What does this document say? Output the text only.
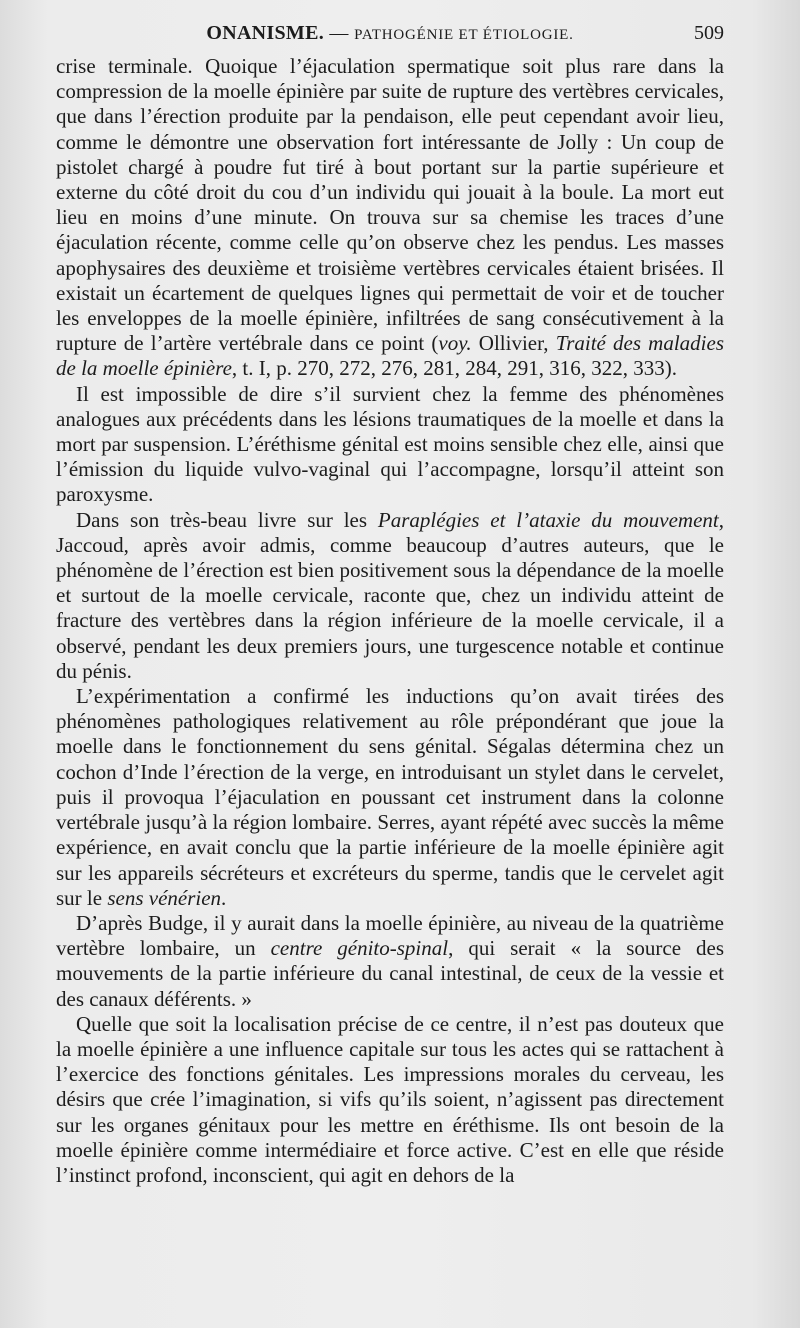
ONANISME. — PATHOGÉNIE ET ÉTIOLOGIE.	509

crise terminale. Quoique l’éjaculation spermatique soit plus rare dans la compression de la moelle épinière par suite de rupture des vertèbres cervicales, que dans l’érection produite par la pendaison, elle peut cependant avoir lieu, comme le démontre une observation fort intéressante de Jolly : Un coup de pistolet chargé à poudre fut tiré à bout portant sur la partie supérieure et externe du côté droit du cou d’un individu qui jouait à la boule. La mort eut lieu en moins d’une minute. On trouva sur sa chemise les traces d’une éjaculation récente, comme celle qu’on observe chez les pendus. Les masses apophysaires des deuxième et troisième vertèbres cervicales étaient brisées. Il existait un écartement de quelques lignes qui permettait de voir et de toucher les enveloppes de la moelle épinière, infiltrées de sang consécutivement à la rupture de l’artère vertébrale dans ce point (voy. Ollivier, Traité des maladies de la moelle épinière, t. I, p. 270, 272, 276, 281, 284, 291, 316, 322, 333).

Il est impossible de dire s’il survient chez la femme des phénomènes analogues aux précédents dans les lésions traumatiques de la moelle et dans la mort par suspension. L’éréthisme génital est moins sensible chez elle, ainsi que l’émission du liquide vulvo-vaginal qui l’accompagne, lorsqu’il atteint son paroxysme.

Dans son très-beau livre sur les Paraplégies et l’ataxie du mouvement, Jaccoud, après avoir admis, comme beaucoup d’autres auteurs, que le phénomène de l’érection est bien positivement sous la dépendance de la moelle et surtout de la moelle cervicale, raconte que, chez un individu atteint de fracture des vertèbres dans la région inférieure de la moelle cervicale, il a observé, pendant les deux premiers jours, une turgescence notable et continue du pénis.

L’expérimentation a confirmé les inductions qu’on avait tirées des phénomènes pathologiques relativement au rôle prépondérant que joue la moelle dans le fonctionnement du sens génital. Ségalas détermina chez un cochon d’Inde l’érection de la verge, en introduisant un stylet dans le cervelet, puis il provoqua l’éjaculation en poussant cet instrument dans la colonne vertébrale jusqu’à la région lombaire. Serres, ayant répété avec succès la même expérience, en avait conclu que la partie inférieure de la moelle épinière agit sur les appareils sécréteurs et excréteurs du sperme, tandis que le cervelet agit sur le sens vénérien.

D’après Budge, il y aurait dans la moelle épinière, au niveau de la quatrième vertèbre lombaire, un centre génito-spinal, qui serait « la source des mouvements de la partie inférieure du canal intestinal, de ceux de la vessie et des canaux déférents. »

Quelle que soit la localisation précise de ce centre, il n’est pas douteux que la moelle épinière a une influence capitale sur tous les actes qui se rattachent à l’exercice des fonctions génitales. Les impressions morales du cerveau, les désirs que crée l’imagination, si vifs qu’ils soient, n’agissent pas directement sur les organes génitaux pour les mettre en éréthisme. Ils ont besoin de la moelle épinière comme intermédiaire et force active. C’est en elle que réside l’instinct profond, inconscient, qui agit en dehors de la
